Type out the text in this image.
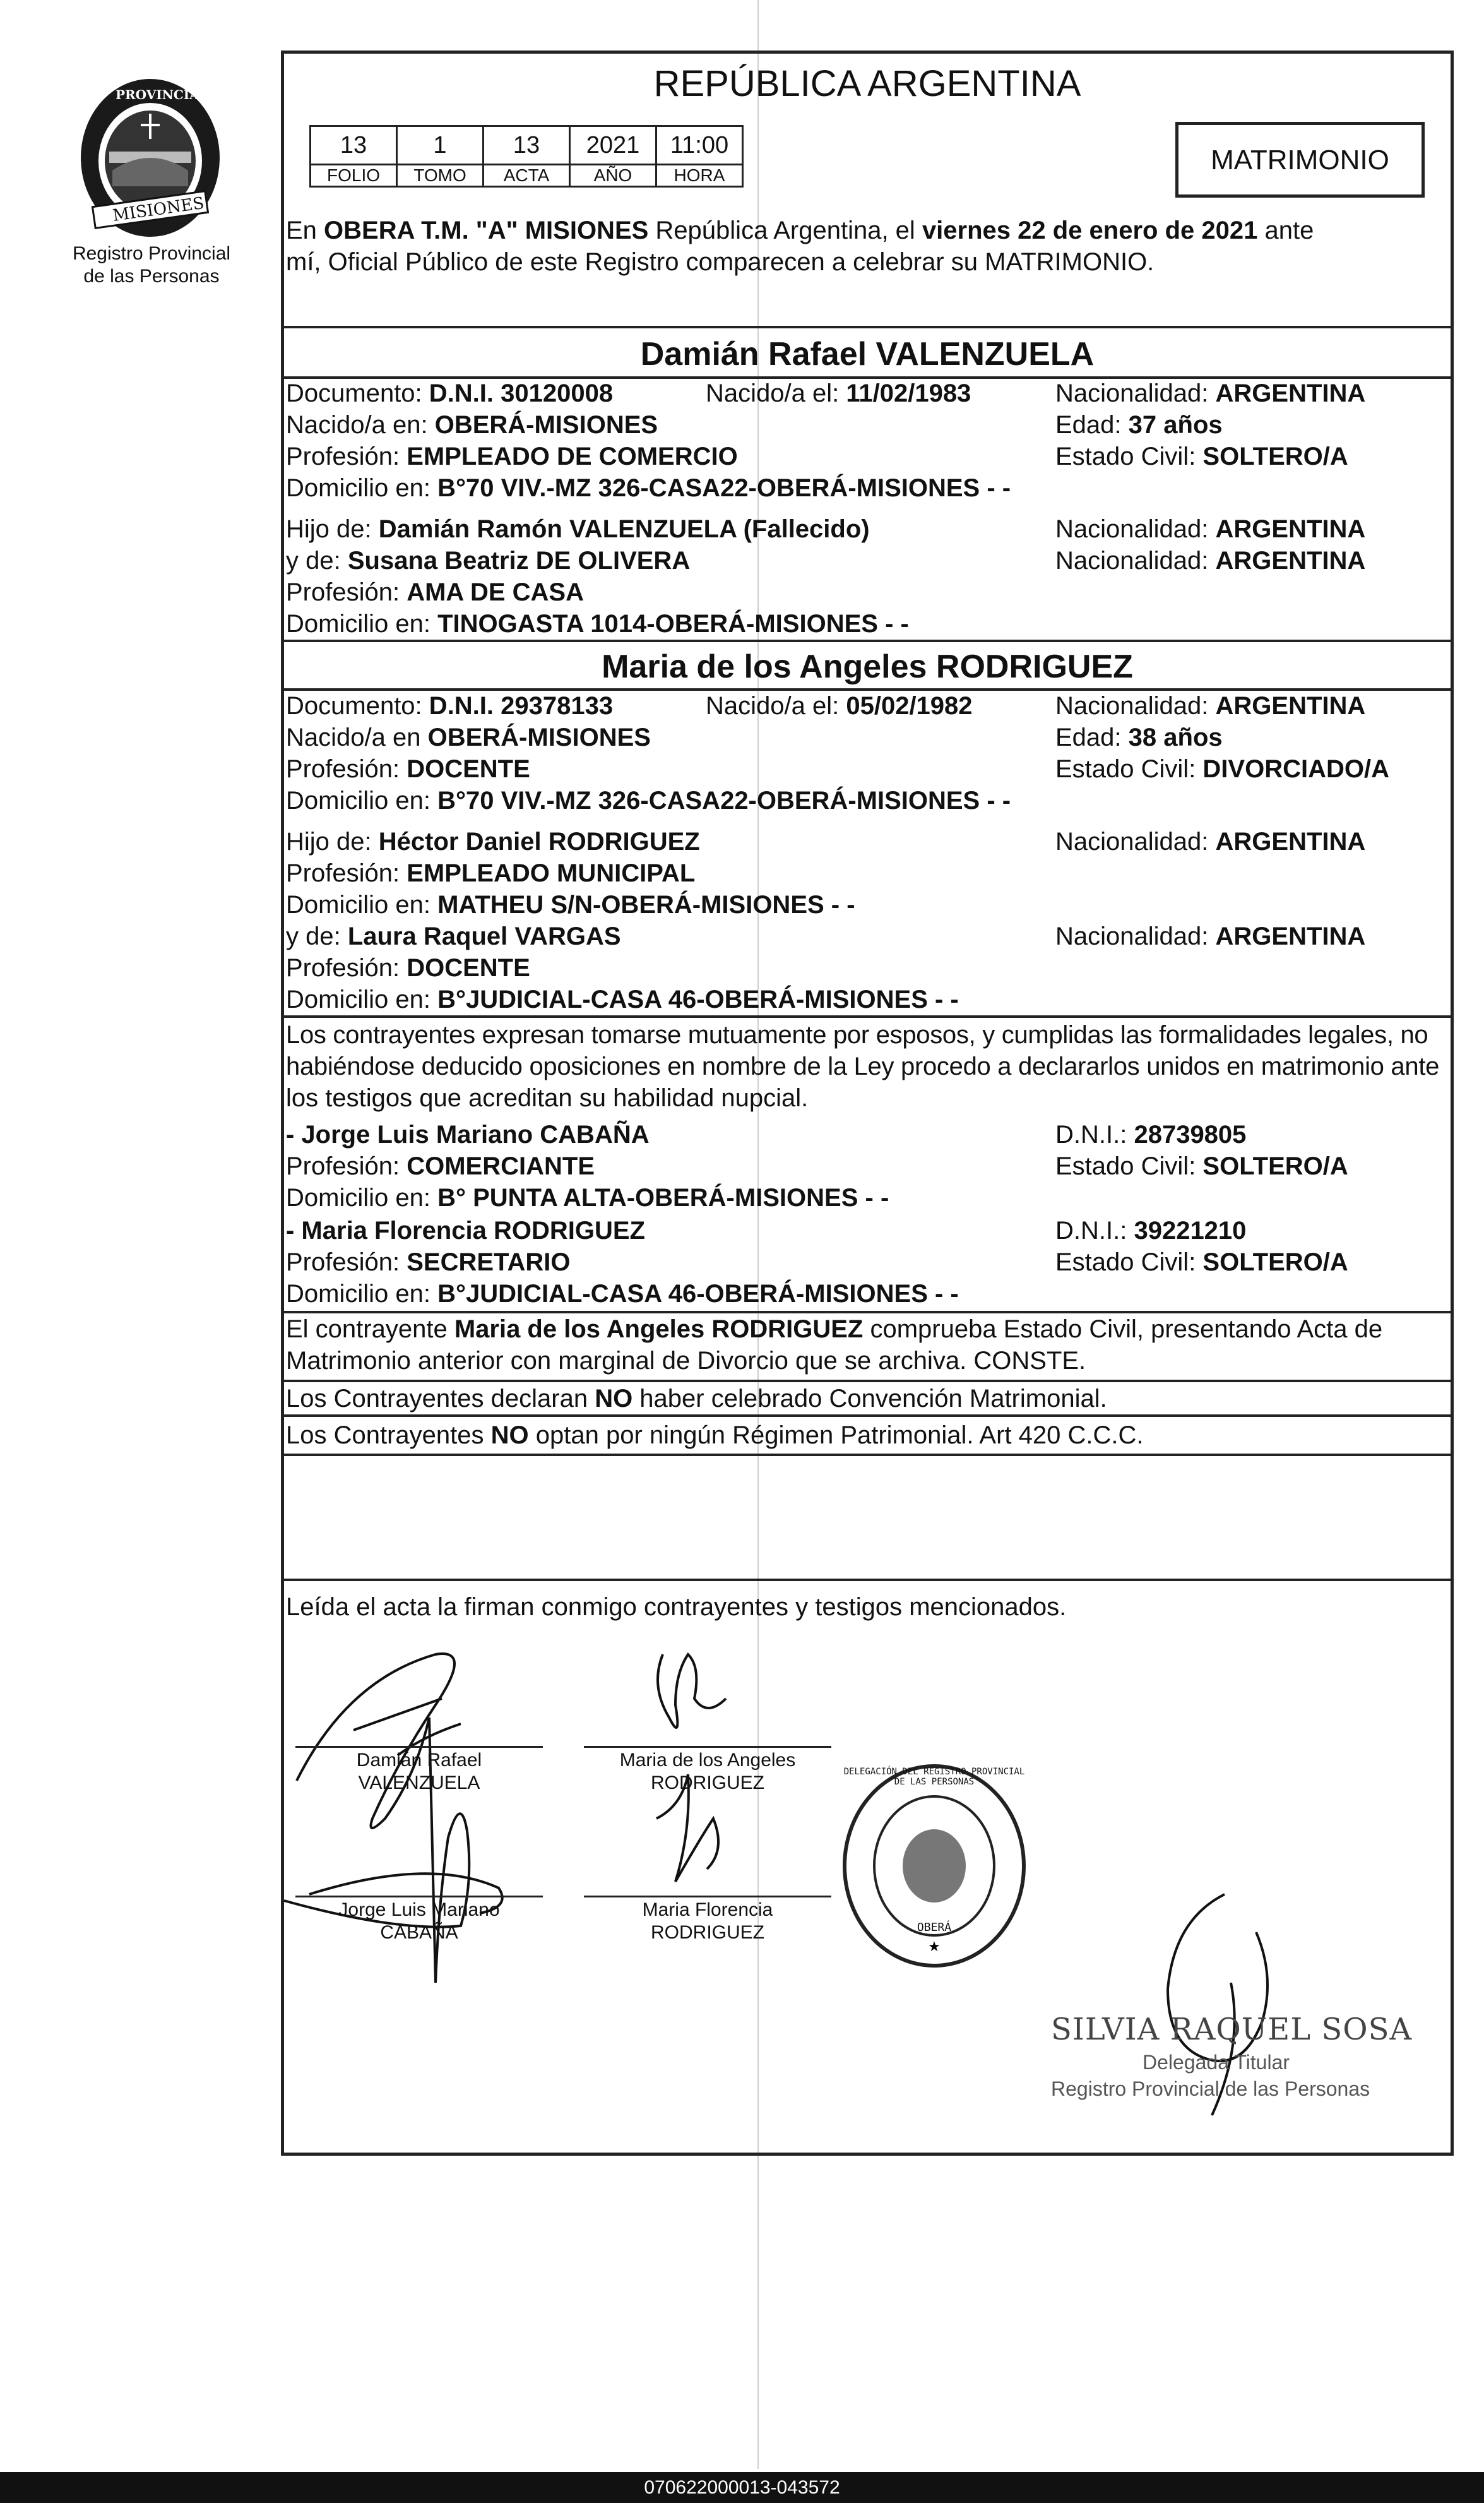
PROVINCIA DE
MISIONES
Registro Provincial
de las Personas
REPÚBLICA ARGENTINA
13	1	13	2021	11:00
FOLIO	TOMO	ACTA	AÑO	HORA	MATRIMONIO
En OBERA T.M. "A" MISIONES República Argentina, el viernes 22 de enero de 2021 ante
mí, Oficial Público de este Registro comparecen a celebrar su MATRIMONIO.
Damián Rafael VALENZUELA
Documento: D.N.I. 30120008	Nacido/a el: 11/02/1983	Nacionalidad: ARGENTINA
Nacido/a en: OBERÁ-MISIONES	Edad: 37 años
Profesión: EMPLEADO DE COMERCIO	Estado Civil: SOLTERO/A
Domicilio en: B°70 VIV.-MZ 326-CASA22-OBERÁ-MISIONES - -
Hijo de: Damián Ramón VALENZUELA (Fallecido)	Nacionalidad: ARGENTINA
y de: Susana Beatriz DE OLIVERA	Nacionalidad: ARGENTINA
Profesión: AMA DE CASA
Domicilio en: TINOGASTA 1014-OBERÁ-MISIONES - -
Maria de los Angeles RODRIGUEZ
Documento: D.N.I. 29378133	Nacido/a el: 05/02/1982	Nacionalidad: ARGENTINA
Nacido/a en OBERÁ-MISIONES	Edad: 38 años
Profesión: DOCENTE	Estado Civil: DIVORCIADO/A
Domicilio en: B°70 VIV.-MZ 326-CASA22-OBERÁ-MISIONES - -
Hijo de: Héctor Daniel RODRIGUEZ	Nacionalidad: ARGENTINA
Profesión: EMPLEADO MUNICIPAL
Domicilio en: MATHEU S/N-OBERÁ-MISIONES - -
y de: Laura Raquel VARGAS	Nacionalidad: ARGENTINA
Profesión: DOCENTE
Domicilio en: B°JUDICIAL-CASA 46-OBERÁ-MISIONES - -
Los contrayentes expresan tomarse mutuamente por esposos, y cumplidas las formalidades legales, no
habiéndose deducido oposiciones en nombre de la Ley procedo a declararlos unidos en matrimonio ante
los testigos que acreditan su habilidad nupcial.
- Jorge Luis Mariano CABAÑA	D.N.I.: 28739805
Profesión: COMERCIANTE	Estado Civil: SOLTERO/A
Domicilio en: B° PUNTA ALTA-OBERÁ-MISIONES - -
- Maria Florencia RODRIGUEZ	D.N.I.: 39221210
Profesión: SECRETARIO	Estado Civil: SOLTERO/A
Domicilio en: B°JUDICIAL-CASA 46-OBERÁ-MISIONES - -
El contrayente Maria de los Angeles RODRIGUEZ comprueba Estado Civil, presentando Acta de
Matrimonio anterior con marginal de Divorcio que se archiva. CONSTE.
Los Contrayentes declaran NO haber celebrado Convención Matrimonial.
Los Contrayentes NO optan por ningún Régimen Patrimonial. Art 420 C.C.C.
Leída el acta la firman conmigo contrayentes y testigos mencionados.
Damián Rafael
VALENZUELA
Maria de los Angeles
RODRIGUEZ
Jorge Luis Mariano
CABAÑA
Maria Florencia
RODRIGUEZ
★
DELEGACIÓN DEL REGISTRO PROVINCIAL DE LAS PERSONAS
OBERÁ
SILVIA RAQUEL SOSA
Delegada Titular
Registro Provincial de las Personas
070622000013-043572
